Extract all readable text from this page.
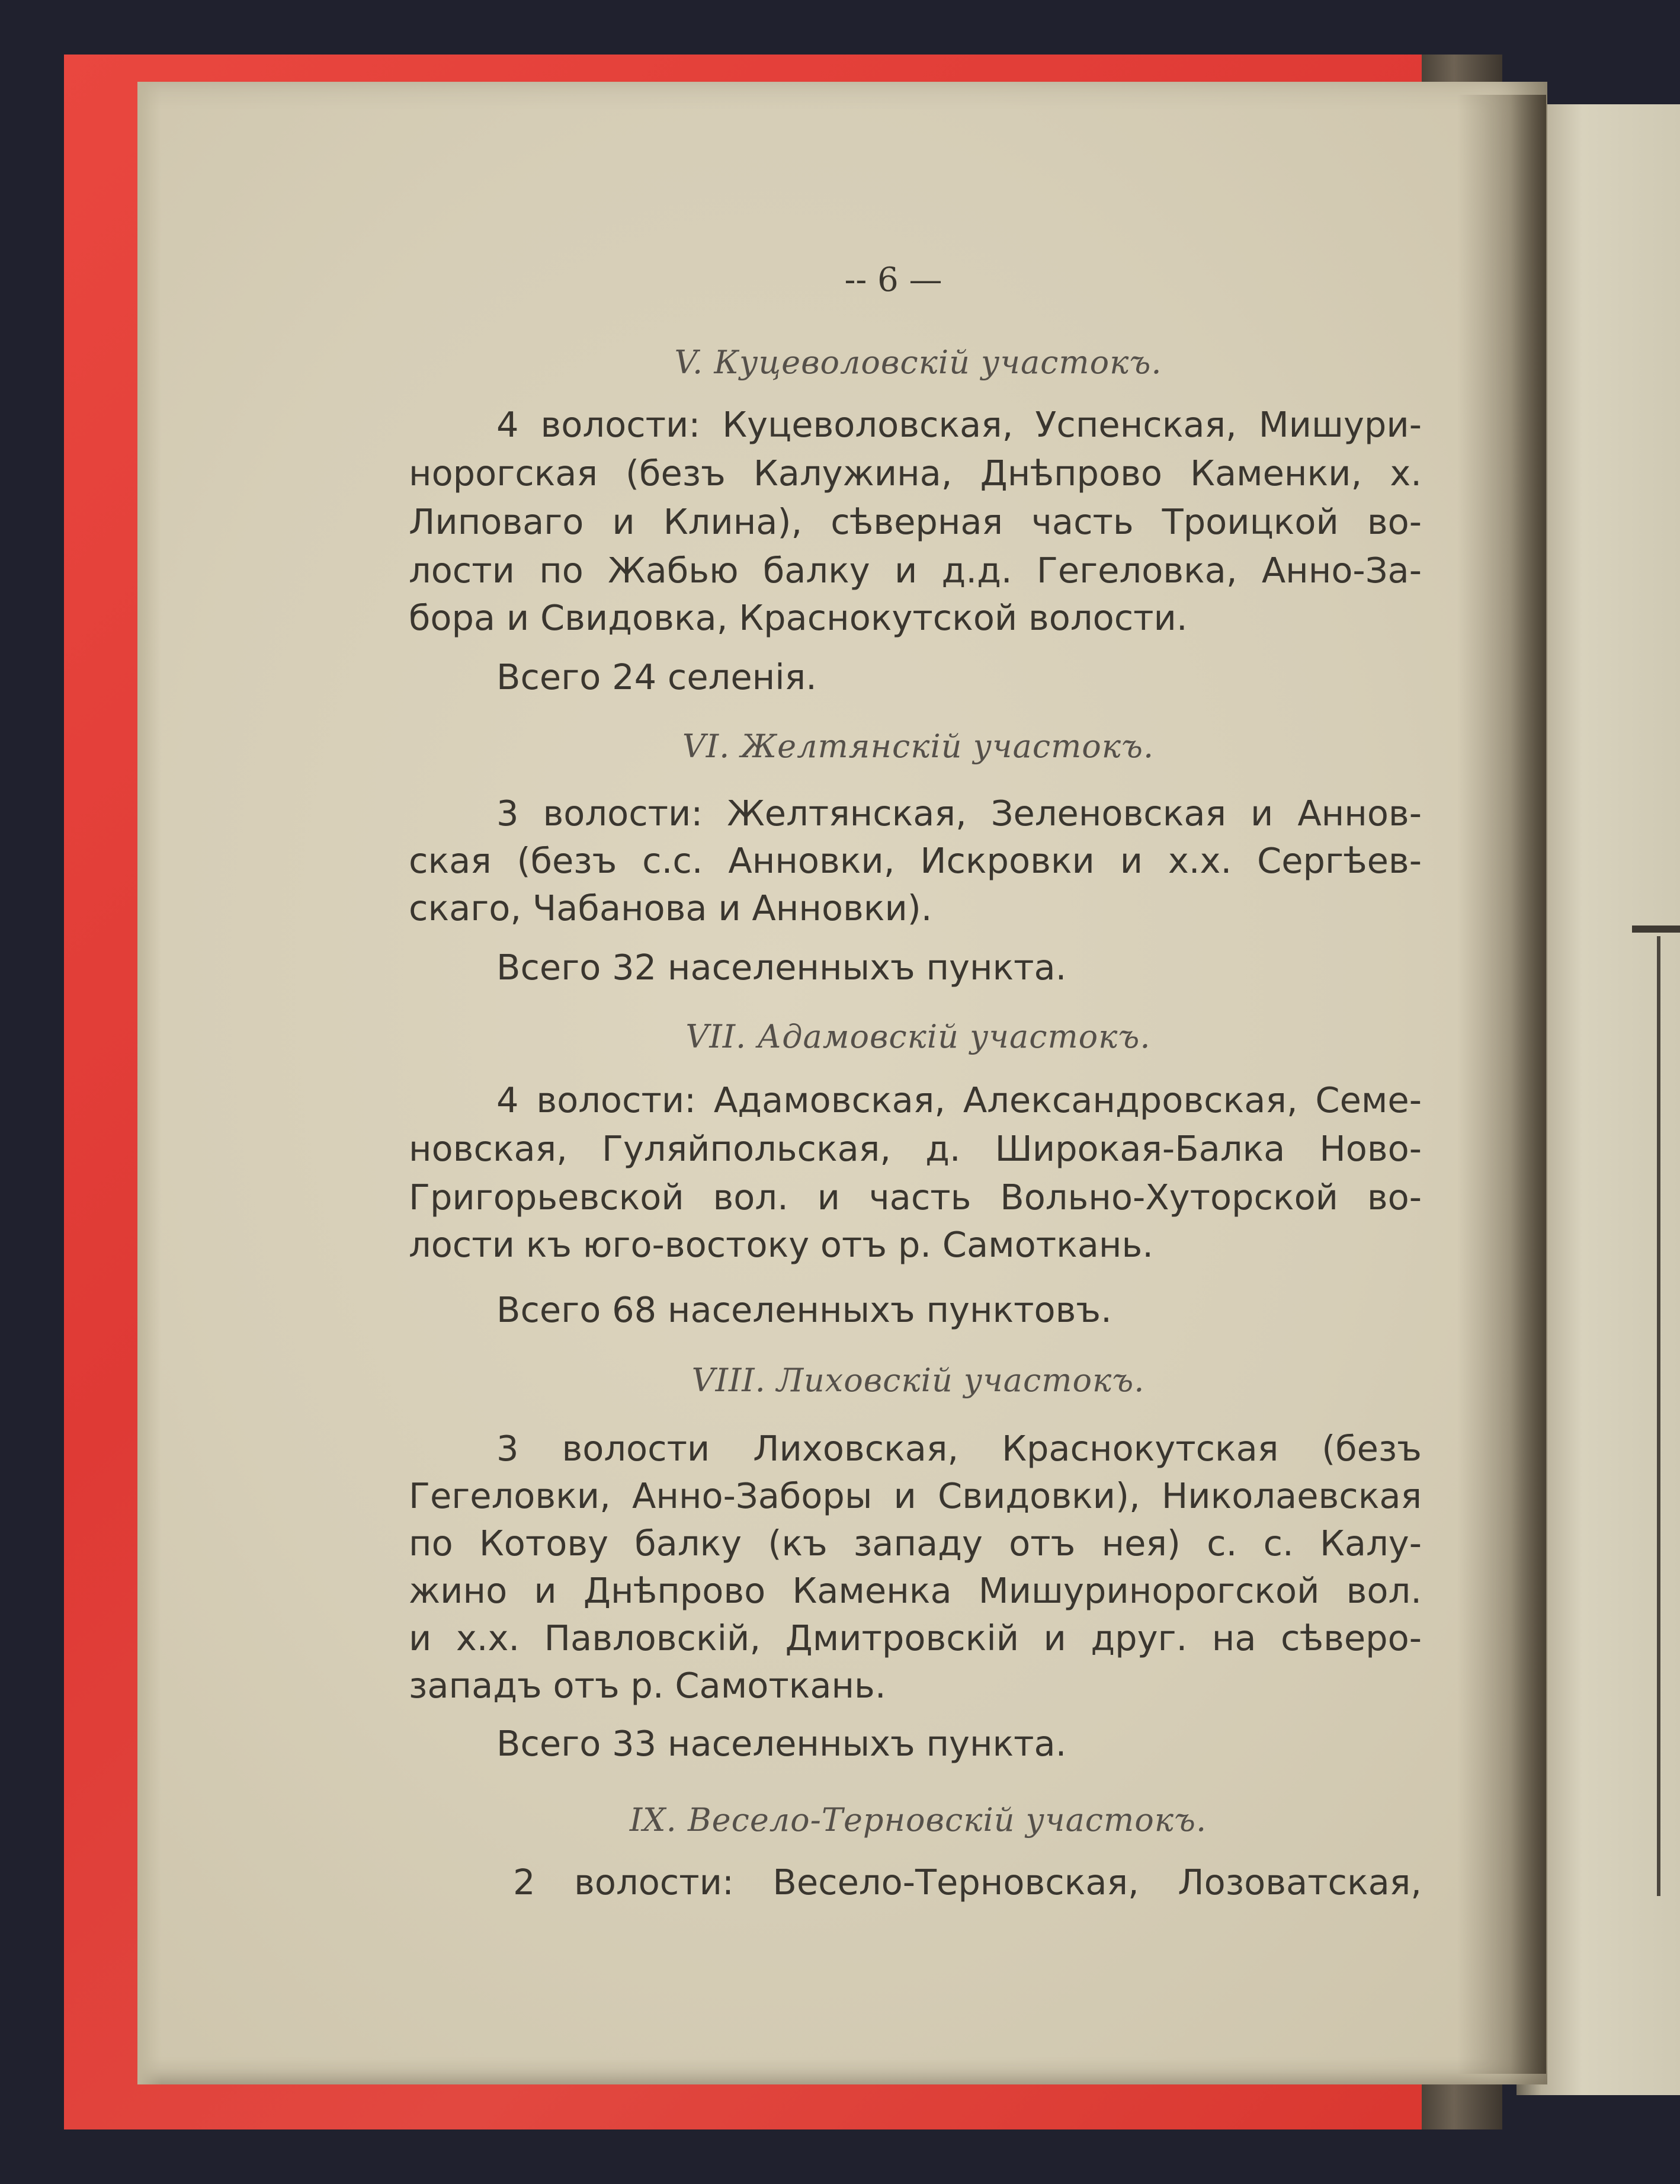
-- 6 —
V. Куцеволовскiй участокъ.
4 волости: Куцеволовская, Успенская, Мишури-
норогская (безъ Калужина, Днѣпрово Каменки, х.
Липоваго и Клина), сѣверная часть Троицкой во-
лости по Жабью балку и д.д. Гегеловка, Анно-За-
бора и Свидовка, Краснокутской волости.
Всего 24 селенiя.
VI. Желтянскiй участокъ.
3 волости: Желтянская, Зеленовская и Аннов-
ская (безъ с.с. Анновки, Искровки и х.х. Сергѣев-
скаго, Чабанова и Анновки).
Всего 32 населенныхъ пункта.
VII. Адамовскiй участокъ.
4 волости: Адамовская, Александровская, Семе-
новская, Гуляйпольская, д. Широкая-Балка Ново-
Григорьевской вол. и часть Вольно-Хуторской во-
лости къ юго-востоку отъ р. Самоткань.
Всего 68 населенныхъ пунктовъ.
VIII. Лиховскiй участокъ.
3 волости Лиховская, Краснокутская (безъ
Гегеловки, Анно-Заборы и Свидовки), Николаевская
по Котову балку (къ западу отъ нея) с. с. Калу-
жино и Днѣпрово Каменка Мишуринорогской вол.
и х.х. Павловскiй, Дмитровскiй и друг. на сѣверо-
западъ отъ р. Самоткань.
Всего 33 населенныхъ пункта.
IX. Весело-Терновскiй участокъ.
2 волости: Весело-Терновская, Лозоватская,
